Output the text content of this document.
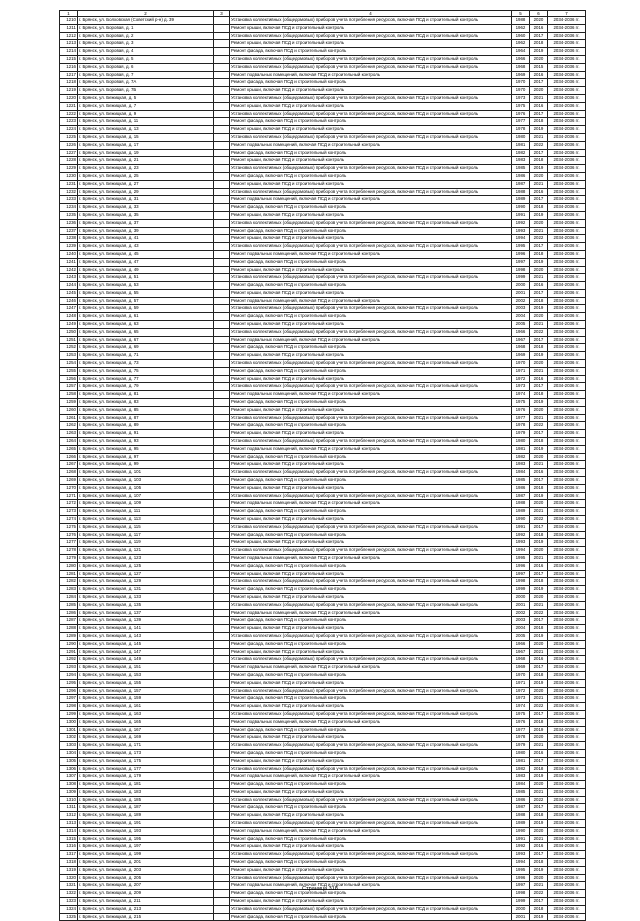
1	2	3	4	5	6	7
1210	г. Брянск, ул. Болховская (Советский р-н) д. 39		Установка коллективных (общедомовых) приборов учета потребления ресурсов, включая ПСД и строительный контроль	1988	2020	2034-2036 гг.
1211	г. Брянск, ул. Боровая, д. 1		Ремонт крыши, включая ПСД и строительный контроль	1962	2016	2034-2036 гг.
1212	г. Брянск, ул. Боровая, д. 2		Установка коллективных (общедомовых) приборов учета потребления ресурсов, включая ПСД и строительный контроль	1960	2017	2034-2036 гг.
1213	г. Брянск, ул. Боровая, д. 3		Ремонт крыши, включая ПСД и строительный контроль	1962	2018	2034-2036 гг.
1214	г. Брянск, ул. Боровая, д. 4		Ремонт фасада, включая ПСД и строительный контроль	1964	2019	2034-2036 гг.
1215	г. Брянск, ул. Боровая, д. 5		Установка коллективных (общедомовых) приборов учета потребления ресурсов, включая ПСД и строительный контроль	1966	2020	2034-2036 гг.
1216	г. Брянск, ул. Боровая, д. 6		Установка коллективных (общедомовых) приборов учета потребления ресурсов, включая ПСД и строительный контроль	1968	2015	2034-2036 гг.
1217	г. Брянск, ул. Боровая, д. 7		Ремонт подвальных помещений, включая ПСД и строительный контроль	1969	2016	2034-2036 гг.
1218	г. Брянск, ул. Боровая, д. 7А		Ремонт фасада, включая ПСД и строительный контроль	1970	2017	2034-2036 гг.
1219	г. Брянск, ул. Боровая, д. 7Б		Ремонт крыши, включая ПСД и строительный контроль	1970	2020	2034-2036 гг.
1220	г. Брянск, ул. Бежицкая, д. 5		Установка коллективных (общедомовых) приборов учета потребления ресурсов, включая ПСД и строительный контроль	1973	2021	2034-2036 гг.
1221	г. Брянск, ул. Бежицкая, д. 7		Ремонт крыши, включая ПСД и строительный контроль	1975	2016	2034-2036 гг.
1222	г. Брянск, ул. Бежицкая, д. 9		Установка коллективных (общедомовых) приборов учета потребления ресурсов, включая ПСД и строительный контроль	1976	2017	2034-2036 гг.
1223	г. Брянск, ул. Бежицкая, д. 11		Ремонт фасада, включая ПСД и строительный контроль	1977	2018	2034-2036 гг.
1224	г. Брянск, ул. Бежицкая, д. 13		Ремонт крыши, включая ПСД и строительный контроль	1978	2019	2034-2036 гг.
1225	г. Брянск, ул. Бежицкая, д. 15		Установка коллективных (общедомовых) приборов учета потребления ресурсов, включая ПСД и строительный контроль	1980	2021	2034-2036 гг.
1226	г. Брянск, ул. Бежицкая, д. 17		Ремонт подвальных помещений, включая ПСД и строительный контроль	1981	2022	2034-2036 гг.
1227	г. Брянск, ул. Бежицкая, д. 19		Ремонт фасада, включая ПСД и строительный контроль	1982	2017	2034-2036 гг.
1228	г. Брянск, ул. Бежицкая, д. 21		Ремонт крыши, включая ПСД и строительный контроль	1983	2018	2034-2036 гг.
1229	г. Брянск, ул. Бежицкая, д. 23		Установка коллективных (общедомовых) приборов учета потребления ресурсов, включая ПСД и строительный контроль	1985	2019	2034-2036 гг.
1230	г. Брянск, ул. Бежицкая, д. 25		Ремонт фасада, включая ПСД и строительный контроль	1986	2020	2034-2036 гг.
1231	г. Брянск, ул. Бежицкая, д. 27		Ремонт крыши, включая ПСД и строительный контроль	1987	2021	2034-2036 гг.
1232	г. Брянск, ул. Бежицкая, д. 29		Установка коллективных (общедомовых) приборов учета потребления ресурсов, включая ПСД и строительный контроль	1988	2016	2034-2036 гг.
1233	г. Брянск, ул. Бежицкая, д. 31		Ремонт подвальных помещений, включая ПСД и строительный контроль	1989	2017	2034-2036 гг.
1234	г. Брянск, ул. Бежицкая, д. 33		Ремонт фасада, включая ПСД и строительный контроль	1990	2018	2034-2036 гг.
1235	г. Брянск, ул. Бежицкая, д. 35		Ремонт крыши, включая ПСД и строительный контроль	1991	2019	2034-2036 гг.
1236	г. Брянск, ул. Бежицкая, д. 37		Установка коллективных (общедомовых) приборов учета потребления ресурсов, включая ПСД и строительный контроль	1992	2020	2034-2036 гг.
1237	г. Брянск, ул. Бежицкая, д. 39		Ремонт фасада, включая ПСД и строительный контроль	1993	2021	2034-2036 гг.
1238	г. Брянск, ул. Бежицкая, д. 41		Ремонт крыши, включая ПСД и строительный контроль	1994	2022	2034-2036 гг.
1239	г. Брянск, ул. Бежицкая, д. 43		Установка коллективных (общедомовых) приборов учета потребления ресурсов, включая ПСД и строительный контроль	1995	2017	2034-2036 гг.
1240	г. Брянск, ул. Бежицкая, д. 45		Ремонт подвальных помещений, включая ПСД и строительный контроль	1996	2018	2034-2036 гг.
1241	г. Брянск, ул. Бежицкая, д. 47		Ремонт фасада, включая ПСД и строительный контроль	1997	2019	2034-2036 гг.
1242	г. Брянск, ул. Бежицкая, д. 49		Ремонт крыши, включая ПСД и строительный контроль	1998	2020	2034-2036 гг.
1243	г. Брянск, ул. Бежицкая, д. 51		Установка коллективных (общедомовых) приборов учета потребления ресурсов, включая ПСД и строительный контроль	1999	2021	2034-2036 гг.
1244	г. Брянск, ул. Бежицкая, д. 53		Ремонт фасада, включая ПСД и строительный контроль	2000	2016	2034-2036 гг.
1245	г. Брянск, ул. Бежицкая, д. 55		Ремонт крыши, включая ПСД и строительный контроль	2001	2017	2034-2036 гг.
1246	г. Брянск, ул. Бежицкая, д. 57		Ремонт подвальных помещений, включая ПСД и строительный контроль	2002	2018	2034-2036 гг.
1247	г. Брянск, ул. Бежицкая, д. 59		Установка коллективных (общедомовых) приборов учета потребления ресурсов, включая ПСД и строительный контроль	2003	2019	2034-2036 гг.
1248	г. Брянск, ул. Бежицкая, д. 61		Ремонт фасада, включая ПСД и строительный контроль	2004	2020	2034-2036 гг.
1249	г. Брянск, ул. Бежицкая, д. 63		Ремонт крыши, включая ПСД и строительный контроль	2005	2021	2034-2036 гг.
1250	г. Брянск, ул. Бежицкая, д. 65		Установка коллективных (общедомовых) приборов учета потребления ресурсов, включая ПСД и строительный контроль	1966	2022	2034-2036 гг.
1251	г. Брянск, ул. Бежицкая, д. 67		Ремонт подвальных помещений, включая ПСД и строительный контроль	1967	2017	2034-2036 гг.
1252	г. Брянск, ул. Бежицкая, д. 69		Ремонт фасада, включая ПСД и строительный контроль	1968	2018	2034-2036 гг.
1253	г. Брянск, ул. Бежицкая, д. 71		Ремонт крыши, включая ПСД и строительный контроль	1969	2019	2034-2036 гг.
1254	г. Брянск, ул. Бежицкая, д. 73		Установка коллективных (общедомовых) приборов учета потребления ресурсов, включая ПСД и строительный контроль	1970	2020	2034-2036 гг.
1255	г. Брянск, ул. Бежицкая, д. 75		Ремонт фасада, включая ПСД и строительный контроль	1971	2021	2034-2036 гг.
1256	г. Брянск, ул. Бежицкая, д. 77		Ремонт крыши, включая ПСД и строительный контроль	1972	2016	2034-2036 гг.
1257	г. Брянск, ул. Бежицкая, д. 79		Установка коллективных (общедомовых) приборов учета потребления ресурсов, включая ПСД и строительный контроль	1973	2017	2034-2036 гг.
1258	г. Брянск, ул. Бежицкая, д. 81		Ремонт подвальных помещений, включая ПСД и строительный контроль	1974	2018	2034-2036 гг.
1259	г. Брянск, ул. Бежицкая, д. 83		Ремонт фасада, включая ПСД и строительный контроль	1975	2019	2034-2036 гг.
1260	г. Брянск, ул. Бежицкая, д. 85		Ремонт крыши, включая ПСД и строительный контроль	1976	2020	2034-2036 гг.
1261	г. Брянск, ул. Бежицкая, д. 87		Установка коллективных (общедомовых) приборов учета потребления ресурсов, включая ПСД и строительный контроль	1977	2021	2034-2036 гг.
1262	г. Брянск, ул. Бежицкая, д. 89		Ремонт фасада, включая ПСД и строительный контроль	1978	2022	2034-2036 гг.
1263	г. Брянск, ул. Бежицкая, д. 91		Ремонт крыши, включая ПСД и строительный контроль	1979	2017	2034-2036 гг.
1264	г. Брянск, ул. Бежицкая, д. 93		Установка коллективных (общедомовых) приборов учета потребления ресурсов, включая ПСД и строительный контроль	1980	2018	2034-2036 гг.
1265	г. Брянск, ул. Бежицкая, д. 95		Ремонт подвальных помещений, включая ПСД и строительный контроль	1981	2019	2034-2036 гг.
1266	г. Брянск, ул. Бежицкая, д. 97		Ремонт фасада, включая ПСД и строительный контроль	1982	2020	2034-2036 гг.
1267	г. Брянск, ул. Бежицкая, д. 99		Ремонт крыши, включая ПСД и строительный контроль	1983	2021	2034-2036 гг.
1268	г. Брянск, ул. Бежицкая, д. 101		Установка коллективных (общедомовых) приборов учета потребления ресурсов, включая ПСД и строительный контроль	1984	2016	2034-2036 гг.
1269	г. Брянск, ул. Бежицкая, д. 103		Ремонт фасада, включая ПСД и строительный контроль	1985	2017	2034-2036 гг.
1270	г. Брянск, ул. Бежицкая, д. 105		Ремонт крыши, включая ПСД и строительный контроль	1986	2018	2034-2036 гг.
1271	г. Брянск, ул. Бежицкая, д. 107		Установка коллективных (общедомовых) приборов учета потребления ресурсов, включая ПСД и строительный контроль	1987	2019	2034-2036 гг.
1272	г. Брянск, ул. Бежицкая, д. 109		Ремонт подвальных помещений, включая ПСД и строительный контроль	1988	2020	2034-2036 гг.
1273	г. Брянск, ул. Бежицкая, д. 111		Ремонт фасада, включая ПСД и строительный контроль	1989	2021	2034-2036 гг.
1274	г. Брянск, ул. Бежицкая, д. 113		Ремонт крыши, включая ПСД и строительный контроль	1990	2022	2034-2036 гг.
1275	г. Брянск, ул. Бежицкая, д. 115		Установка коллективных (общедомовых) приборов учета потребления ресурсов, включая ПСД и строительный контроль	1991	2017	2034-2036 гг.
1276	г. Брянск, ул. Бежицкая, д. 117		Ремонт фасада, включая ПСД и строительный контроль	1992	2018	2034-2036 гг.
1277	г. Брянск, ул. Бежицкая, д. 119		Ремонт крыши, включая ПСД и строительный контроль	1993	2019	2034-2036 гг.
1278	г. Брянск, ул. Бежицкая, д. 121		Установка коллективных (общедомовых) приборов учета потребления ресурсов, включая ПСД и строительный контроль	1994	2020	2034-2036 гг.
1279	г. Брянск, ул. Бежицкая, д. 123		Ремонт подвальных помещений, включая ПСД и строительный контроль	1995	2021	2034-2036 гг.
1280	г. Брянск, ул. Бежицкая, д. 125		Ремонт фасада, включая ПСД и строительный контроль	1996	2016	2034-2036 гг.
1281	г. Брянск, ул. Бежицкая, д. 127		Ремонт крыши, включая ПСД и строительный контроль	1997	2017	2034-2036 гг.
1282	г. Брянск, ул. Бежицкая, д. 129		Установка коллективных (общедомовых) приборов учета потребления ресурсов, включая ПСД и строительный контроль	1998	2018	2034-2036 гг.
1283	г. Брянск, ул. Бежицкая, д. 131		Ремонт фасада, включая ПСД и строительный контроль	1999	2019	2034-2036 гг.
1284	г. Брянск, ул. Бежицкая, д. 133		Ремонт крыши, включая ПСД и строительный контроль	2000	2020	2034-2036 гг.
1285	г. Брянск, ул. Бежицкая, д. 135		Установка коллективных (общедомовых) приборов учета потребления ресурсов, включая ПСД и строительный контроль	2001	2021	2034-2036 гг.
1286	г. Брянск, ул. Бежицкая, д. 137		Ремонт подвальных помещений, включая ПСД и строительный контроль	2002	2022	2034-2036 гг.
1287	г. Брянск, ул. Бежицкая, д. 139		Ремонт фасада, включая ПСД и строительный контроль	2003	2017	2034-2036 гг.
1288	г. Брянск, ул. Бежицкая, д. 141		Ремонт крыши, включая ПСД и строительный контроль	2004	2018	2034-2036 гг.
1289	г. Брянск, ул. Бежицкая, д. 143		Установка коллективных (общедомовых) приборов учета потребления ресурсов, включая ПСД и строительный контроль	2005	2019	2034-2036 гг.
1290	г. Брянск, ул. Бежицкая, д. 145		Ремонт фасада, включая ПСД и строительный контроль	1966	2020	2034-2036 гг.
1291	г. Брянск, ул. Бежицкая, д. 147		Ремонт крыши, включая ПСД и строительный контроль	1967	2021	2034-2036 гг.
1292	г. Брянск, ул. Бежицкая, д. 149		Установка коллективных (общедомовых) приборов учета потребления ресурсов, включая ПСД и строительный контроль	1968	2016	2034-2036 гг.
1293	г. Брянск, ул. Бежицкая, д. 151		Ремонт подвальных помещений, включая ПСД и строительный контроль	1969	2017	2034-2036 гг.
1294	г. Брянск, ул. Бежицкая, д. 153		Ремонт фасада, включая ПСД и строительный контроль	1970	2018	2034-2036 гг.
1295	г. Брянск, ул. Бежицкая, д. 155		Ремонт крыши, включая ПСД и строительный контроль	1971	2019	2034-2036 гг.
1296	г. Брянск, ул. Бежицкая, д. 157		Установка коллективных (общедомовых) приборов учета потребления ресурсов, включая ПСД и строительный контроль	1972	2020	2034-2036 гг.
1297	г. Брянск, ул. Бежицкая, д. 159		Ремонт фасада, включая ПСД и строительный контроль	1973	2021	2034-2036 гг.
1298	г. Брянск, ул. Бежицкая, д. 161		Ремонт крыши, включая ПСД и строительный контроль	1974	2022	2034-2036 гг.
1299	г. Брянск, ул. Бежицкая, д. 163		Установка коллективных (общедомовых) приборов учета потребления ресурсов, включая ПСД и строительный контроль	1975	2017	2034-2036 гг.
1300	г. Брянск, ул. Бежицкая, д. 165		Ремонт подвальных помещений, включая ПСД и строительный контроль	1976	2018	2034-2036 гг.
1301	г. Брянск, ул. Бежицкая, д. 167		Ремонт фасада, включая ПСД и строительный контроль	1977	2019	2034-2036 гг.
1302	г. Брянск, ул. Бежицкая, д. 169		Ремонт крыши, включая ПСД и строительный контроль	1978	2020	2034-2036 гг.
1303	г. Брянск, ул. Бежицкая, д. 171		Установка коллективных (общедомовых) приборов учета потребления ресурсов, включая ПСД и строительный контроль	1979	2021	2034-2036 гг.
1304	г. Брянск, ул. Бежицкая, д. 173		Ремонт фасада, включая ПСД и строительный контроль	1980	2016	2034-2036 гг.
1305	г. Брянск, ул. Бежицкая, д. 175		Ремонт крыши, включая ПСД и строительный контроль	1981	2017	2034-2036 гг.
1306	г. Брянск, ул. Бежицкая, д. 177		Установка коллективных (общедомовых) приборов учета потребления ресурсов, включая ПСД и строительный контроль	1982	2018	2034-2036 гг.
1307	г. Брянск, ул. Бежицкая, д. 179		Ремонт подвальных помещений, включая ПСД и строительный контроль	1983	2019	2034-2036 гг.
1308	г. Брянск, ул. Бежицкая, д. 181		Ремонт фасада, включая ПСД и строительный контроль	1984	2020	2034-2036 гг.
1309	г. Брянск, ул. Бежицкая, д. 183		Ремонт крыши, включая ПСД и строительный контроль	1985	2021	2034-2036 гг.
1310	г. Брянск, ул. Бежицкая, д. 185		Установка коллективных (общедомовых) приборов учета потребления ресурсов, включая ПСД и строительный контроль	1986	2022	2034-2036 гг.
1311	г. Брянск, ул. Бежицкая, д. 187		Ремонт фасада, включая ПСД и строительный контроль	1987	2017	2034-2036 гг.
1312	г. Брянск, ул. Бежицкая, д. 189		Ремонт крыши, включая ПСД и строительный контроль	1988	2018	2034-2036 гг.
1313	г. Брянск, ул. Бежицкая, д. 191		Установка коллективных (общедомовых) приборов учета потребления ресурсов, включая ПСД и строительный контроль	1989	2019	2034-2036 гг.
1314	г. Брянск, ул. Бежицкая, д. 193		Ремонт подвальных помещений, включая ПСД и строительный контроль	1990	2020	2034-2036 гг.
1315	г. Брянск, ул. Бежицкая, д. 195		Ремонт фасада, включая ПСД и строительный контроль	1991	2021	2034-2036 гг.
1316	г. Брянск, ул. Бежицкая, д. 197		Ремонт крыши, включая ПСД и строительный контроль	1992	2016	2034-2036 гг.
1317	г. Брянск, ул. Бежицкая, д. 199		Установка коллективных (общедомовых) приборов учета потребления ресурсов, включая ПСД и строительный контроль	1993	2017	2034-2036 гг.
1318	г. Брянск, ул. Бежицкая, д. 201		Ремонт фасада, включая ПСД и строительный контроль	1994	2018	2034-2036 гг.
1319	г. Брянск, ул. Бежицкая, д. 203		Ремонт крыши, включая ПСД и строительный контроль	1995	2019	2034-2036 гг.
1320	г. Брянск, ул. Бежицкая, д. 205		Установка коллективных (общедомовых) приборов учета потребления ресурсов, включая ПСД и строительный контроль	1996	2020	2034-2036 гг.
1321	г. Брянск, ул. Бежицкая, д. 207		Ремонт подвальных помещений, включая ПСД и строительный контроль	1997	2021	2034-2036 гг.
1322	г. Брянск, ул. Бежицкая, д. 209		Ремонт фасада, включая ПСД и строительный контроль	1998	2022	2034-2036 гг.
1323	г. Брянск, ул. Бежицкая, д. 211		Ремонт крыши, включая ПСД и строительный контроль	1999	2017	2034-2036 гг.
1324	г. Брянск, ул. Бежицкая, д. 213		Установка коллективных (общедомовых) приборов учета потребления ресурсов, включая ПСД и строительный контроль	2000	2018	2034-2036 гг.
1325	г. Брянск, ул. Бежицкая, д. 215		Ремонт фасада, включая ПСД и строительный контроль	2001	2019	2034-2036 гг.
Страница 318
